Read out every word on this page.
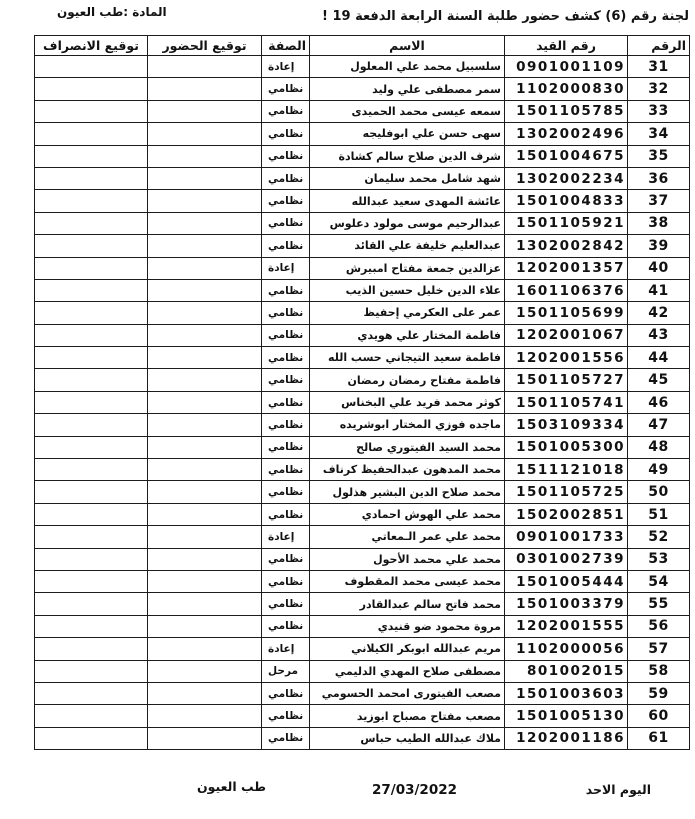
لجنة رقم (6) كشف حضور طلبة السنة الرابعة الدفعة 19 !
المادة :طب العيون
الرقم	رقم القيد	الاسم	الصفة	توقيع الحضور	توقيع الانصراف
31	0901001109	سلسبيل محمد علي المعلول	إعادة		
32	1102000830	سمر مصطفى علي وليد	نظامي		
33	1501105785	سمعه عيسى محمد الحميدى	نظامي		
34	1302002496	سهى حسن علي ابوفليجه	نظامي		
35	1501004675	شرف الدين صلاح سالم كشادة	نظامي		
36	1302002234	شهد شامل محمد سليمان	نظامي		
37	1501004833	عائشة المهدى سعيد عبدالله	نظامي		
38	1501105921	عبدالرحيم موسى مولود دعلوس	نظامي		
39	1302002842	عبدالعليم خليفة علي القائد	نظامي		
40	1202001357	عزالدين جمعة مفتاح امبيرش	إعادة		
41	1601106376	علاء الدين خليل حسين الذيب	نظامي		
42	1501105699	عمر على العكرمي إحفيظ	نظامي		
43	1202001067	فاطمة المختار علي هويدي	نظامي		
44	1202001556	فاطمة سعيد التيجاني حسب الله	نظامي		
45	1501105727	فاطمة مفتاح رمضان رمضان	نظامي		
46	1501105741	كوثر محمد فريد علي البخناس	نظامي		
47	1503109334	ماجده فوزي المختار ابوشريده	نظامي		
48	1501005300	محمد السيد الفيتوري صالح	نظامي		
49	1511121018	محمد المدهون عبدالحفيظ كرناف	نظامي		
50	1501105725	محمد صلاح الدين البشير هذلول	نظامي		
51	1502002851	محمد علي الهوش احمادي	نظامي		
52	0901001733	محمد علي عمر الـمعاتي	إعادة		
53	0301002739	محمد علي محمد الأحول	نظامي		
54	1501005444	محمد عيسى محمد المقطوف	نظامي		
55	1501003379	محمد فاتح سالم عبدالقادر	نظامي		
56	1202001555	مروة محمود ضو قنيدي	نظامي		
57	1102000056	مريم عبدالله ابوبكر الكيلاني	إعادة		
58	801002015	مصطفى صلاح المهدي الدليمي	مرحل		
59	1501003603	مصعب الفيتورى امحمد الحسومي	نظامي		
60	1501005130	مصعب مفتاح مصباح ابوزيد	نظامي		
61	1202001186	ملاك عبدالله الطيب حباس	نظامي		
اليوم الاحد
27/03/2022
طب العيون
